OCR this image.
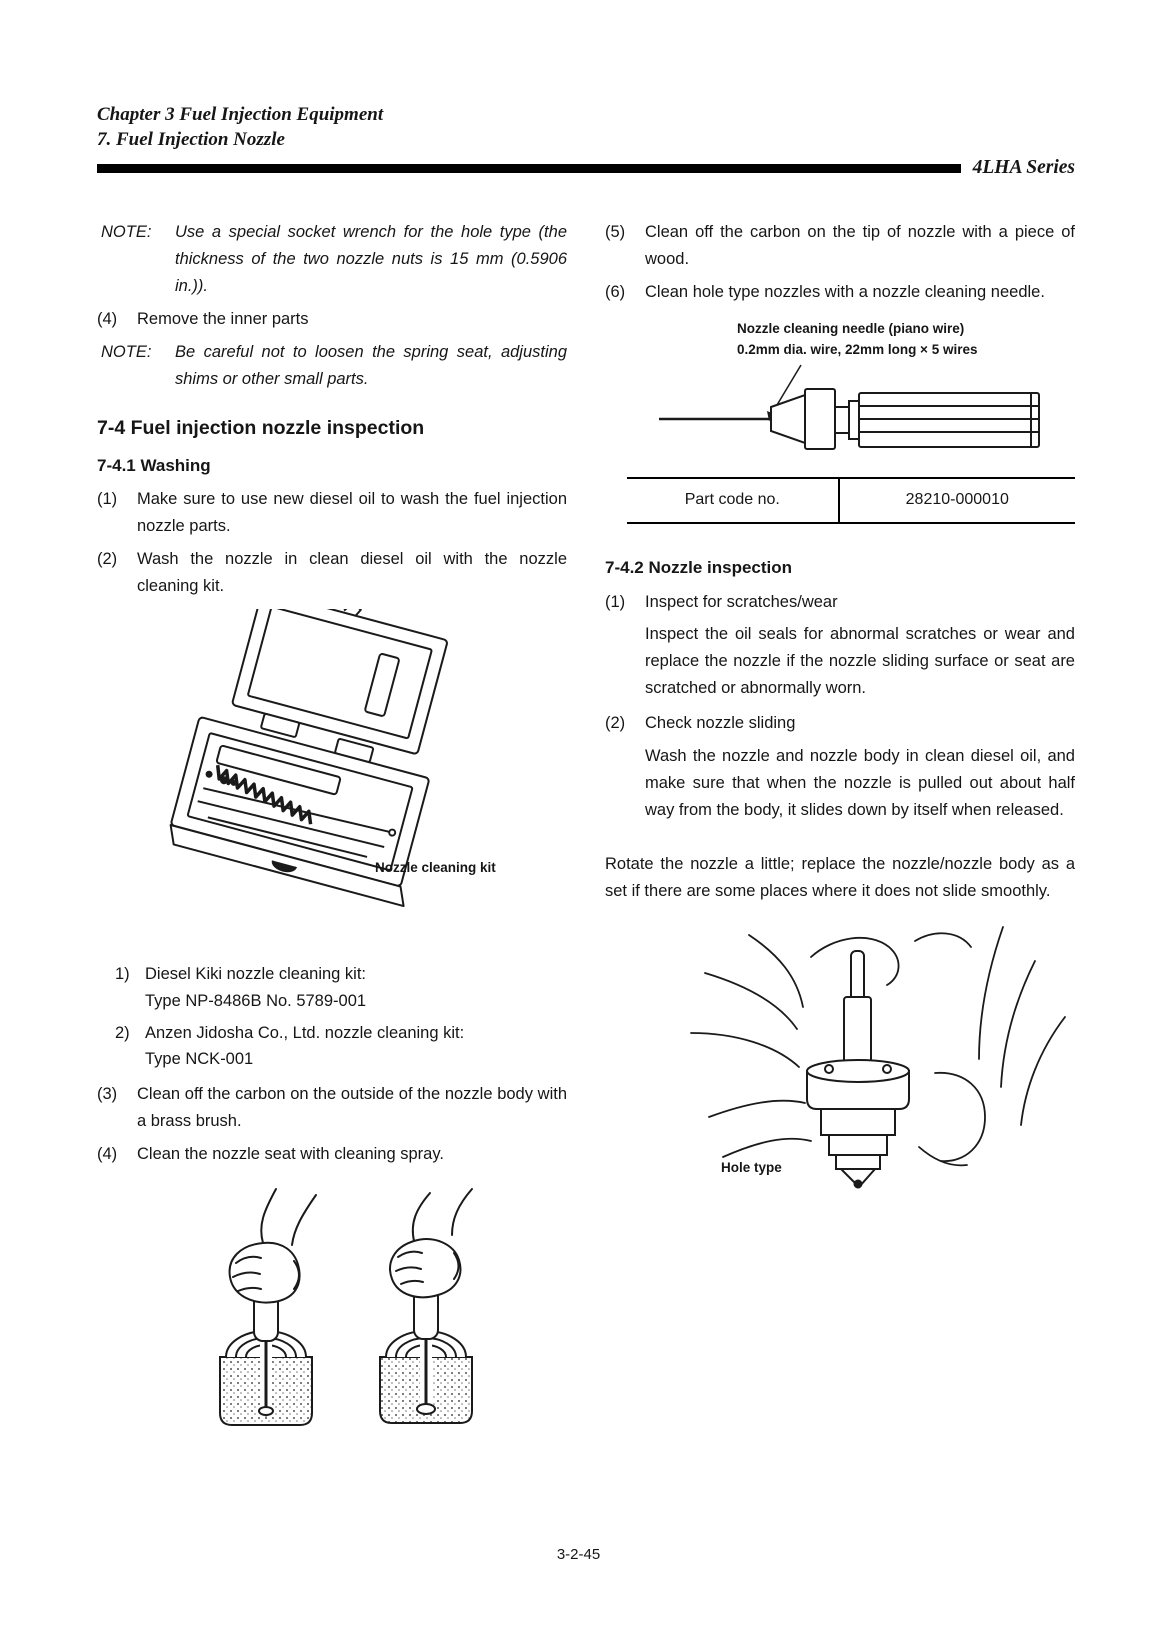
Chapter 3 Fuel Injection Equipment
7. Fuel Injection Nozzle
4LHA Series
NOTE:	Use a special socket wrench for the hole type (the thickness of the two nozzle nuts is 15 mm (0.5906 in.)).
(4)	Remove the inner parts
NOTE:	Be careful not to loosen the spring seat, adjusting shims or other small parts.
7-4 Fuel injection nozzle inspection
7-4.1 Washing
(1)	Make sure to use new diesel oil to wash the fuel injection nozzle parts.
(2)	Wash the nozzle in clean diesel oil with the nozzle cleaning kit.
Nozzle cleaning kit
1) Diesel Kiki nozzle cleaning kit:
Type NP-8486B No. 5789-001
2) Anzen Jidosha Co., Ltd. nozzle cleaning kit:
Type NCK-001
(3)	Clean off the carbon on the outside of the nozzle body with a brass brush.
(4)	Clean the nozzle seat with cleaning spray.
(5)	Clean off the carbon on the tip of nozzle with a piece of wood.
(6)	Clean hole type nozzles with a nozzle cleaning needle.
Nozzle cleaning needle (piano wire)
0.2mm dia. wire, 22mm long × 5 wires
Part code no.	28210-000010
7-4.2 Nozzle inspection
(1)	Inspect for scratches/wear
Inspect the oil seals for abnormal scratches or wear and replace the nozzle if the nozzle sliding surface or seat are scratched or abnormally worn.
(2)	Check nozzle sliding
Wash the nozzle and nozzle body in clean diesel oil, and make sure that when the nozzle is pulled out about half way from the body, it slides down by itself when released.
Rotate the nozzle a little; replace the nozzle/nozzle body as a set if there are some places where it does not slide smoothly.
Hole type
3-2-45
